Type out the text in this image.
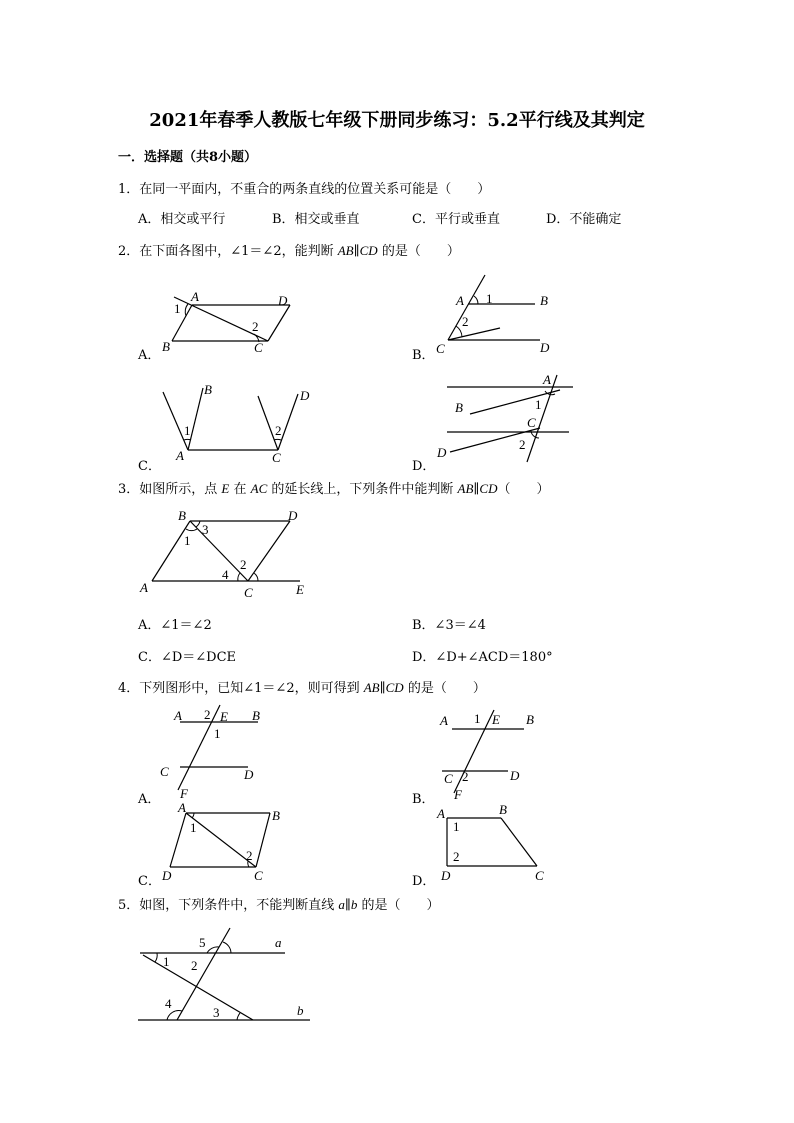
2021年春季人教版七年级下册同步练习：5.2平行线及其判定
一．选择题（共8小题）
1．在同一平面内，不重合的两条直线的位置关系可能是（　　）
A．相交或平行	B．相交或垂直	C．平行或垂直	D．不能确定
2．在下面各图中，∠1＝∠2，能判断 AB∥CD 的是（　　）
A．
A	D
B	C
1
2
B．
A	B
C	D
1
2
C．
B	D
A	C
1	2
D．
A
B
C
D
1
2
3．如图所示，点 E 在 AC 的延长线上，下列条件中能判断 AB∥CD（　　）
B	D
A	C	E
1
3
2
4
A．∠1＝∠2	B．∠3＝∠4
C．∠D＝∠DCE	D．∠D+∠ACD＝180°
4．下列图形中，已知∠1＝∠2，则可得到 AB∥CD 的是（　　）
A．
A	E B
C	D
F
2
1
B．
A 1 E B
C 2	D
F
C．
A
B
D	C
1
2
D．
A	B
D	C
1
2
5．如图，下列条件中，不能判断直线 a∥b 的是（　　）
5	a
1 2
4
3	b
